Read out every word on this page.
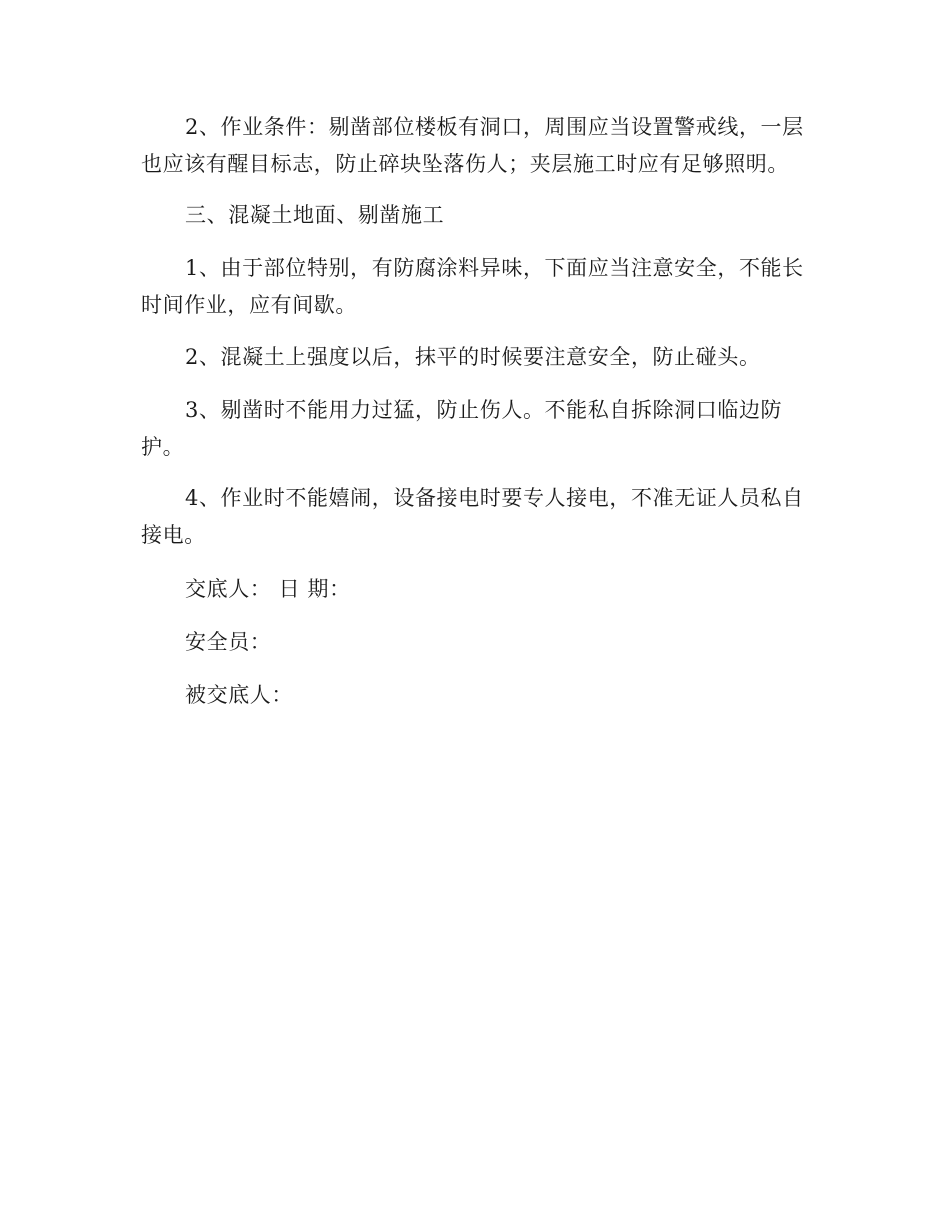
2、作业条件：剔凿部位楼板有洞口，周围应当设置警戒线，一层也应该有醒目标志，防止碎块坠落伤人；夹层施工时应有足够照明。

三、混凝土地面、剔凿施工

1、由于部位特别，有防腐涂料异味，下面应当注意安全，不能长时间作业，应有间歇。

2、混凝土上强度以后，抹平的时候要注意安全，防止碰头。

3、剔凿时不能用力过猛，防止伤人。不能私自拆除洞口临边防护。

4、作业时不能嬉闹，设备接电时要专人接电，不准无证人员私自接电。

交底人： 日 期：

安全员：

被交底人：
